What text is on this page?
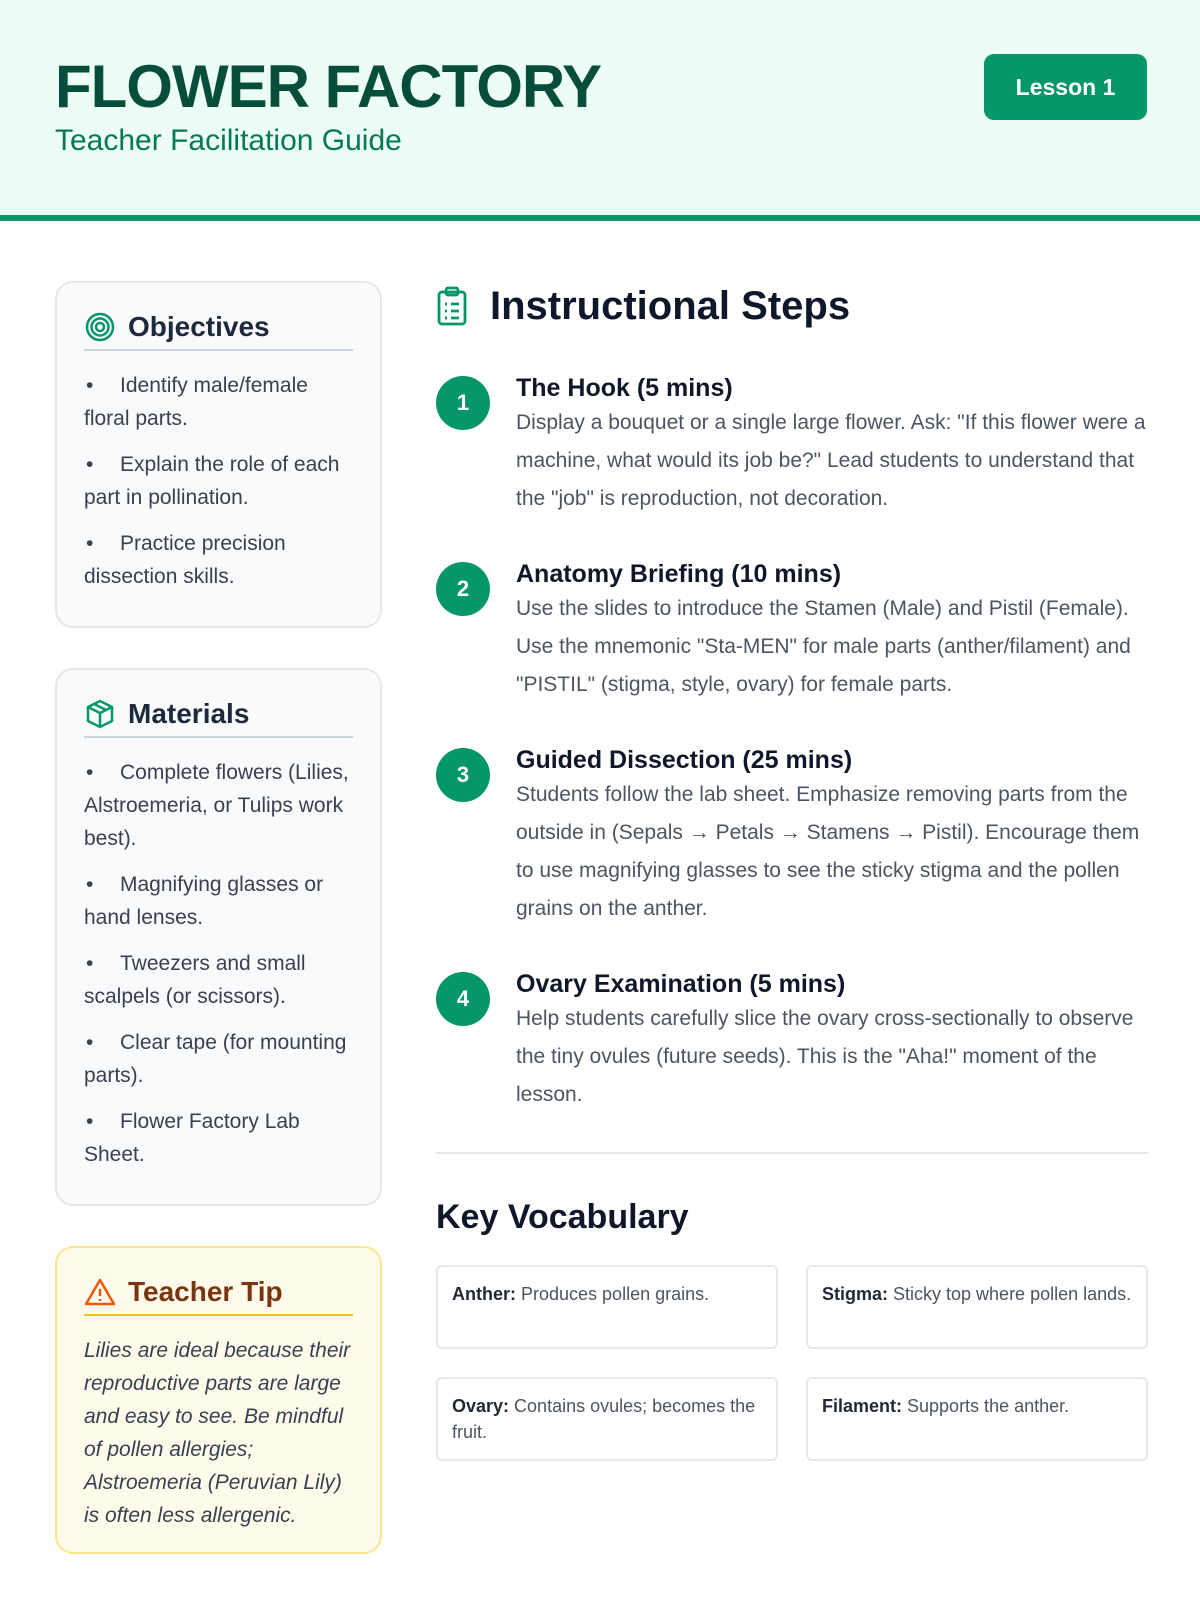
FLOWER FACTORY
Teacher Facilitation Guide
Lesson 1
Objectives
• Identify male/female floral parts.
• Explain the role of each part in pollination.
• Practice precision dissection skills.
Materials
• Complete flowers (Lilies, Alstroemeria, or Tulips work best).
• Magnifying glasses or hand lenses.
• Tweezers and small scalpels (or scissors).
• Clear tape (for mounting parts).
• Flower Factory Lab Sheet.
Teacher Tip

Lilies are ideal because their reproductive parts are large and easy to see. Be mindful of pollen allergies; Alstroemeria (Peruvian Lily) is often less allergenic.

Instructional Steps
1
The Hook (5 mins)

Display a bouquet or a single large flower. Ask: "If this flower were a machine, what would its job be?" Lead students to understand that the "job" is reproduction, not decoration.

2
Anatomy Briefing (10 mins)

Use the slides to introduce the Stamen (Male) and Pistil (Female). Use the mnemonic "Sta-MEN" for male parts (anther/filament) and "PISTIL" (stigma, style, ovary) for female parts.

3
Guided Dissection (25 mins)

Students follow the lab sheet. Emphasize removing parts from the outside in (Sepals → Petals → Stamens → Pistil). Encourage them to use magnifying glasses to see the sticky stigma and the pollen grains on the anther.

4
Ovary Examination (5 mins)

Help students carefully slice the ovary cross-sectionally to observe the tiny ovules (future seeds). This is the "Aha!" moment of the lesson.

Key Vocabulary
Anther: Produces pollen grains.	Stigma: Sticky top where pollen lands.
Ovary: Contains ovules; becomes the fruit.
Filament: Supports the anther.
